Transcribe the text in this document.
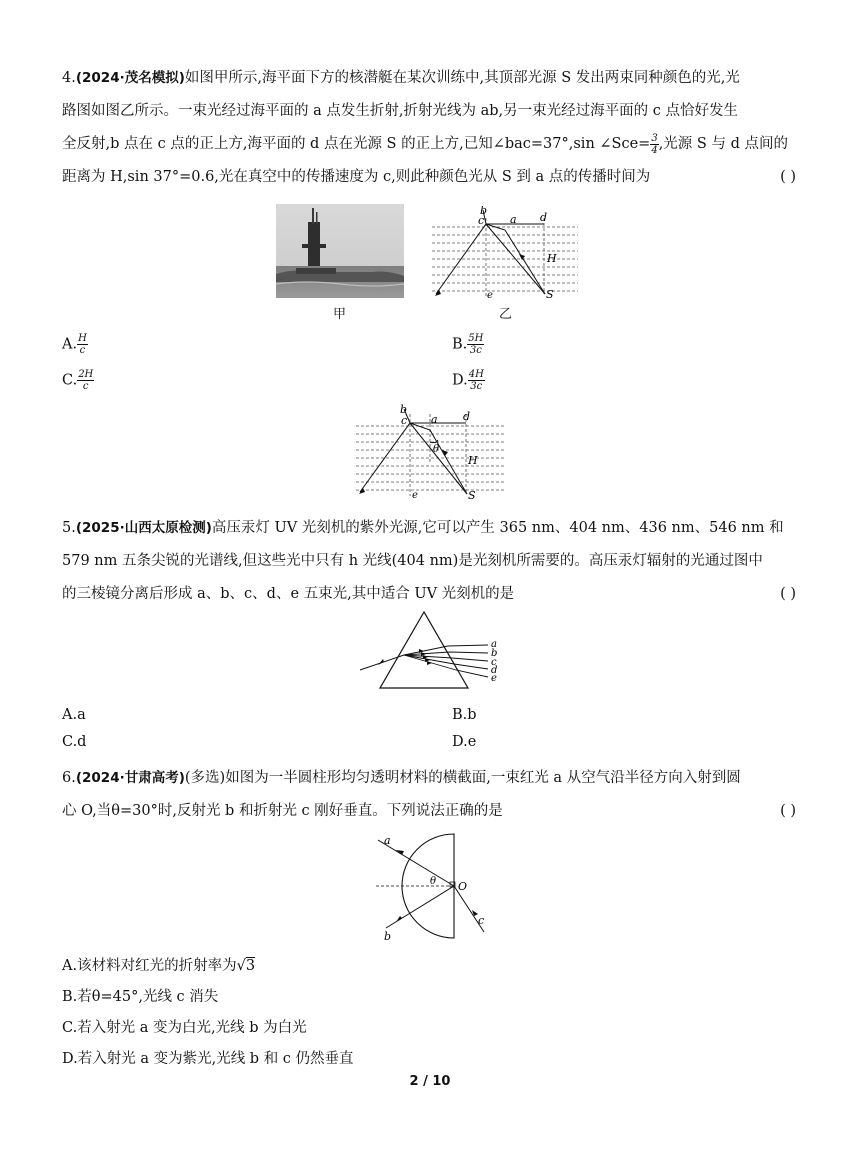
4.(2024·茂名模拟)如图甲所示,海平面下方的核潜艇在某次训练中,其顶部光源 S 发出两束同种颜色的光,光

路图如图乙所示。一束光经过海平面的 a 点发生折射,折射光线为 ab,另一束光经过海平面的 c 点恰好发生

全反射,b 点在 c 点的正上方,海平面的 d 点在光源 S 的正上方,已知∠bac=37°,sin ∠Sce= $\frac{3}{4}$ ,光源 S 与 d 点间的

距离为 H,sin 37°=0.6,光在真空中的传播速度为 c,则此种颜色光从 S 到 a 点的传播时间为	( )

甲
b
c a d
H
e	S
乙
A. $\frac{H}{c}$	B. $\frac{5H}{3c}$
C. $\frac{2H}{c}$	D. $\frac{4H}{3c}$
b
c a d
θ
H
e	S

5.(2025·山西太原检测)高压汞灯 UV 光刻机的紫外光源,它可以产生 365 nm、404 nm、436 nm、546 nm 和

579 nm 五条尖锐的光谱线,但这些光中只有 h 光线(404 nm)是光刻机所需要的。高压汞灯辐射的光通过图中

的三棱镜分离后形成 a、b、c、d、e 五束光,其中适合 UV 光刻机的是	( )

a
b
c
d
e
A.a	B.b
C.d	D.e

6.(2024·甘肃高考)(多选)如图为一半圆柱形均匀透明材料的横截面,一束红光 a 从空气沿半径方向入射到圆

心 O,当θ=30°时,反射光 b 和折射光 c 刚好垂直。下列说法正确的是	( )

a
b
c
O
θ
A.该材料对红光的折射率为√3
B.若θ=45°,光线 c 消失
C.若入射光 a 变为白光,光线 b 为白光
D.若入射光 a 变为紫光,光线 b 和 c 仍然垂直
2 / 10
